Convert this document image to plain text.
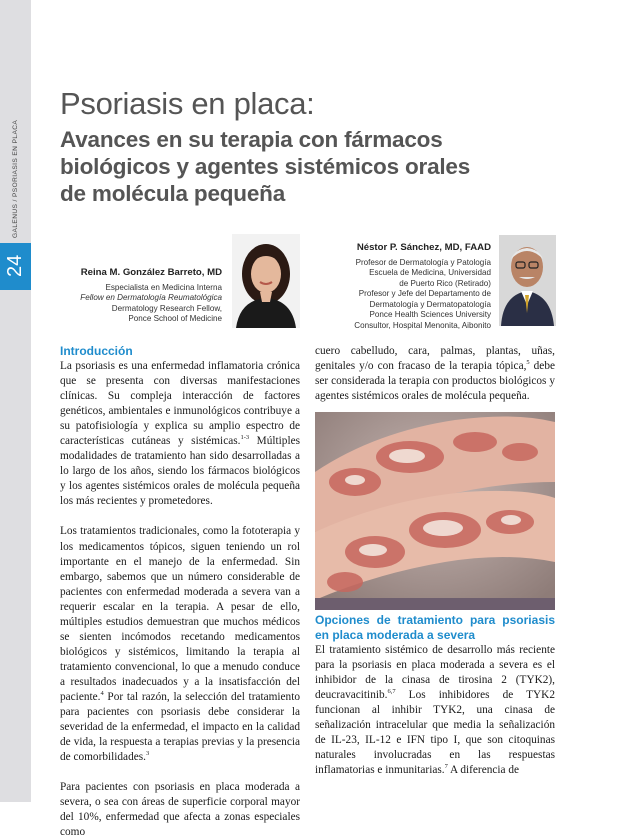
24
GALENUS / PSORIASIS EN PLACA
Psoriasis en placa:
Avances en su terapia con fármacos biológicos y agentes sistémicos orales de molécula pequeña
Reina M. González Barreto, MD
Especialista en Medicina Interna
Fellow en Dermatología Reumatológica
Dermatology Research Fellow,
Ponce School of Medicine
Néstor P. Sánchez, MD, FAAD
Profesor de Dermatología y Patología
Escuela de Medicina, Universidad
de Puerto Rico (Retirado)
Profesor y Jefe del Departamento de
Dermatología y Dermatopatología
Ponce Health Sciences University
Consultor, Hospital Menonita, Aibonito

Introducción

La psoriasis es una enfermedad inflamatoria crónica que se presenta con diversas manifestaciones clínicas. Su compleja interacción de factores genéticos, ambientales e inmunológicos contribuye a su patofisiología y explica su amplio espectro de características cutáneas y sistémicas.$^{1-3}$ Múltiples modalidades de tratamiento han sido desarrolladas a lo largo de los años, siendo los fármacos biológicos y los agentes sistémicos orales de molécula pequeña los más recientes y prometedores.

Los tratamientos tradicionales, como la fototerapia y los medicamentos tópicos, siguen teniendo un rol importante en el manejo de la enfermedad. Sin embargo, sabemos que un número considerable de pacientes con enfermedad moderada a severa van a requerir escalar en la terapia. A pesar de ello, múltiples estudios demuestran que muchos médicos se sienten incómodos recetando medicamentos biológicos y sistémicos, limitando la terapia al tratamiento convencional, lo que a menudo conduce a resultados inadecuados y a la insatisfacción del paciente.$^4$ Por tal razón, la selección del tratamiento para pacientes con psoriasis debe considerar la severidad de la enfermedad, el impacto en la calidad de vida, la respuesta a terapias previas y la presencia de comorbilidades.$^3$

Para pacientes con psoriasis en placa moderada a severa, o sea con áreas de superficie corporal mayor del 10%, enfermedad que afecta a zonas especiales como

cuero cabelludo, cara, palmas, plantas, uñas, genitales y/o con fracaso de la terapia tópica,$^5$ debe ser considerada la terapia con productos biológicos y agentes sistémicos orales de molécula pequeña.

Opciones de tratamiento para psoriasis en placa moderada a severa

El tratamiento sistémico de desarrollo más reciente para la psoriasis en placa moderada a severa es el inhibidor de la cinasa de tirosina 2 (TYK2), deucravacitinib.$^{6,7}$ Los inhibidores de TYK2 funcionan al inhibir TYK2, una cinasa de señalización intracelular que media la señalización de IL-23, IL-12 e IFN tipo I, que son citoquinas naturales involucradas en las respuestas inflamatorias e inmunitarias.$^7$ A diferencia de
